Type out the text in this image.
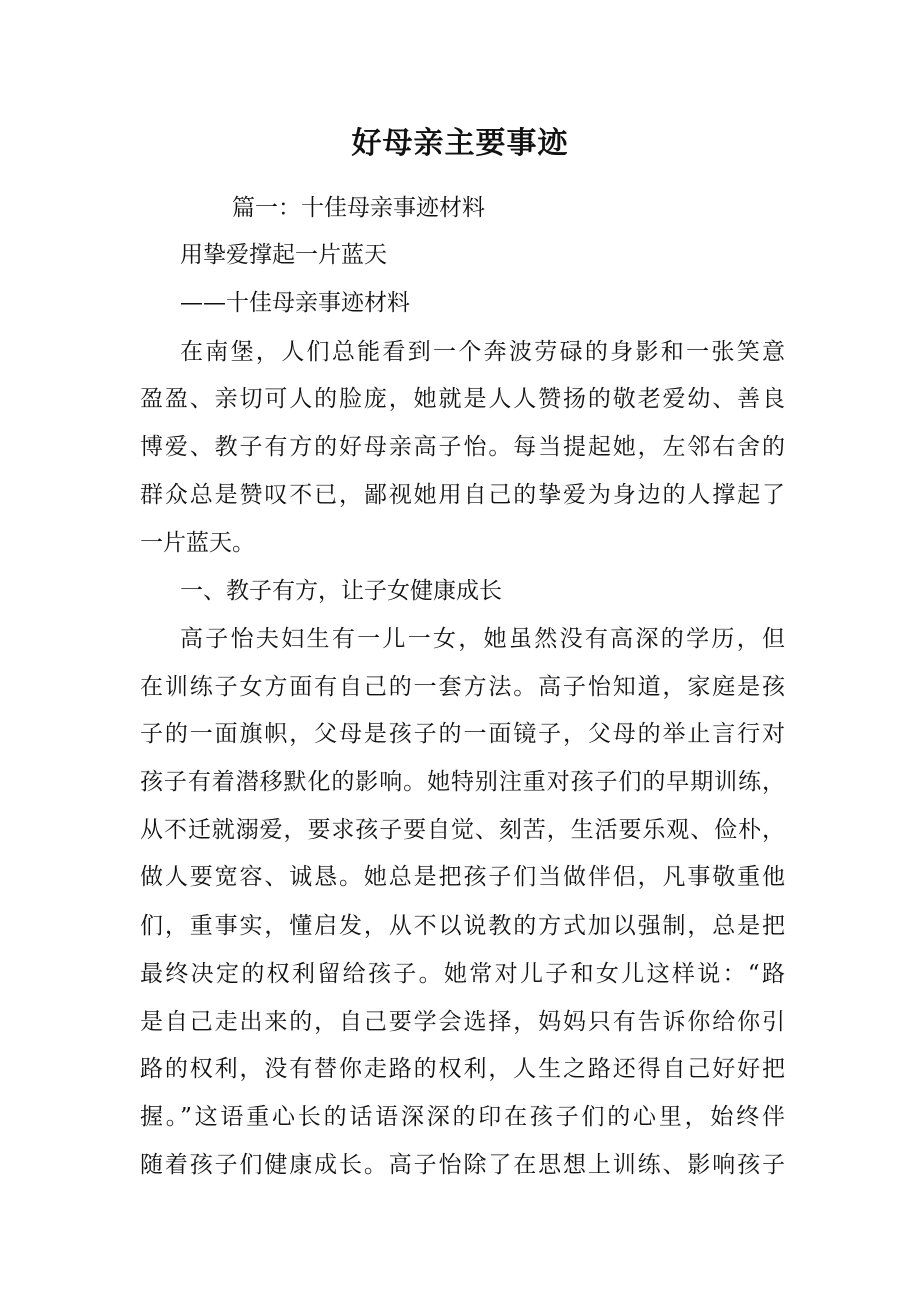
好母亲主要事迹
篇一：十佳母亲事迹材料
用挚爱撑起一片蓝天
——十佳母亲事迹材料
在南堡，人们总能看到一个奔波劳碌的身影和一张笑意
盈盈、亲切可人的脸庞，她就是人人赞扬的敬老爱幼、善良
博爱、教子有方的好母亲高子怡。每当提起她，左邻右舍的
群众总是赞叹不已，鄙视她用自己的挚爱为身边的人撑起了
一片蓝天。
一、教子有方，让子女健康成长
高子怡夫妇生有一儿一女，她虽然没有高深的学历，但
在训练子女方面有自己的一套方法。高子怡知道，家庭是孩
子的一面旗帜，父母是孩子的一面镜子，父母的举止言行对
孩子有着潜移默化的影响。她特别注重对孩子们的早期训练，
从不迁就溺爱，要求孩子要自觉、刻苦，生活要乐观、俭朴，
做人要宽容、诚恳。她总是把孩子们当做伴侣，凡事敬重他
们，重事实，懂启发，从不以说教的方式加以强制，总是把
最终决定的权利留给孩子。她常对儿子和女儿这样说：“路
是自己走出来的，自己要学会选择，妈妈只有告诉你给你引
路的权利，没有替你走路的权利，人生之路还得自己好好把
握。”这语重心长的话语深深的印在孩子们的心里，始终伴
随着孩子们健康成长。高子怡除了在思想上训练、影响孩子
